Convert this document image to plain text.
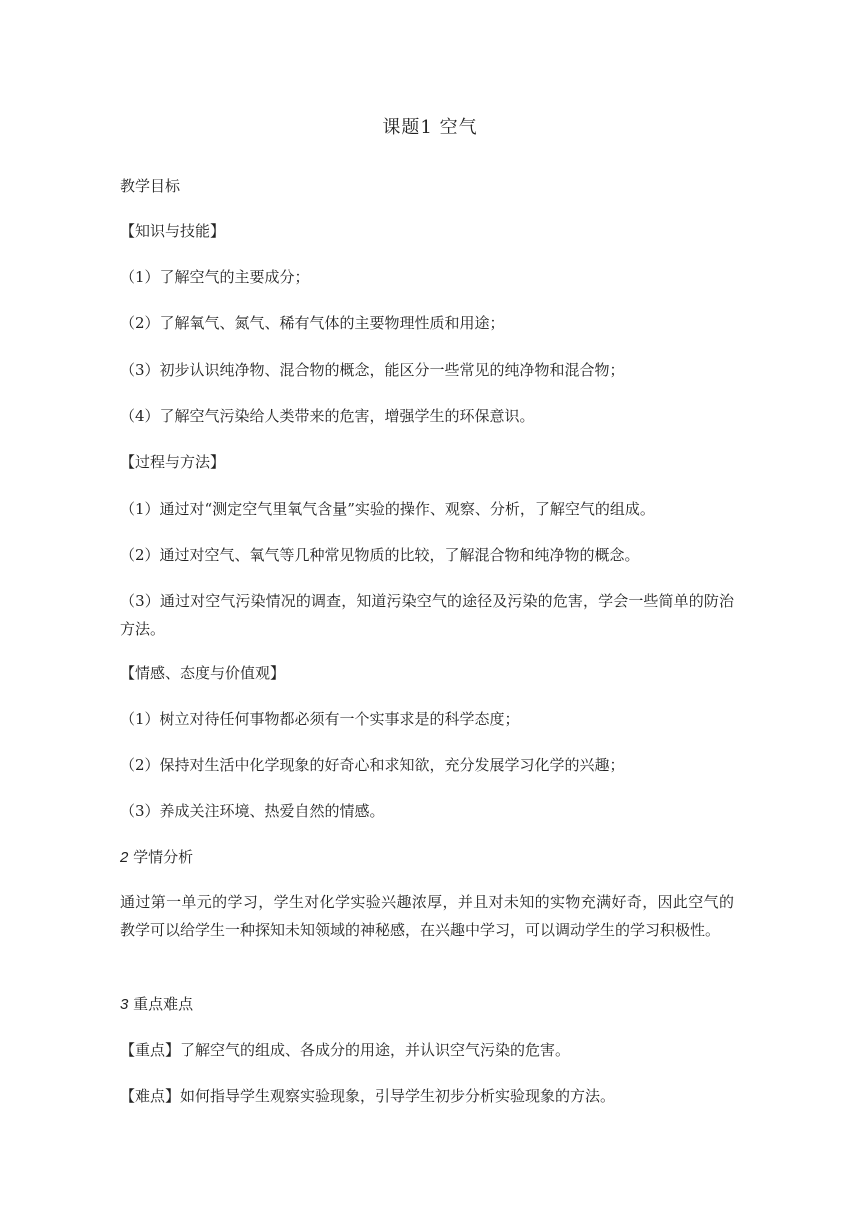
课题1 空气
教学目标
【知识与技能】
（1）了解空气的主要成分；
（2）了解氧气、氮气、稀有气体的主要物理性质和用途；
（3）初步认识纯净物、混合物的概念，能区分一些常见的纯净物和混合物；
（4）了解空气污染给人类带来的危害，增强学生的环保意识。
【过程与方法】
（1）通过对“测定空气里氧气含量”实验的操作、观察、分析，了解空气的组成。
（2）通过对空气、氧气等几种常见物质的比较，了解混合物和纯净物的概念。
（3）通过对空气污染情况的调查，知道污染空气的途径及污染的危害，学会一些简单的防治方法。
【情感、态度与价值观】
（1）树立对待任何事物都必须有一个实事求是的科学态度；
（2）保持对生活中化学现象的好奇心和求知欲，充分发展学习化学的兴趣；
（3）养成关注环境、热爱自然的情感。
2 学情分析
通过第一单元的学习，学生对化学实验兴趣浓厚，并且对未知的实物充满好奇，因此空气的教学可以给学生一种探知未知领域的神秘感，在兴趣中学习，可以调动学生的学习积极性。
3 重点难点
【重点】了解空气的组成、各成分的用途，并认识空气污染的危害。
【难点】如何指导学生观察实验现象，引导学生初步分析实验现象的方法。
